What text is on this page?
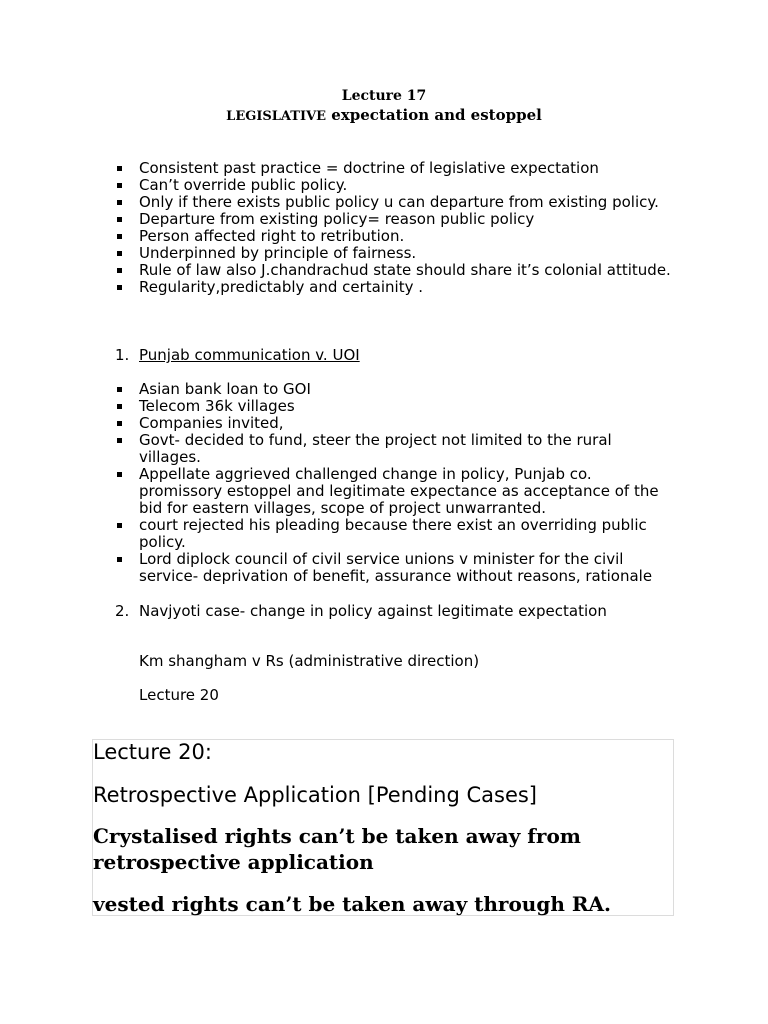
Lecture 17
LEGISLATIVE expectation and estoppel
Consistent past practice = doctrine of legislative expectation
Can’t override public policy.
Only if there exists public policy u can departure from existing policy.
Departure from existing policy= reason public policy
Person affected right to retribution.
Underpinned by principle of fairness.
Rule of law also J.chandrachud state should share it’s colonial attitude.
Regularity,predictably and certainity .
1. Punjab communication v. UOI
Asian bank loan to GOI
Telecom 36k villages
Companies invited,
Govt- decided to fund, steer the project not limited to the rural villages.
Appellate aggrieved challenged change in policy, Punjab co. promissory estoppel and legitimate expectance as acceptance of the bid for eastern villages, scope of project unwarranted.
court rejected his pleading because there exist an overriding public policy.
Lord diplock council of civil service unions v minister for the civil service- deprivation of benefit, assurance without reasons, rationale
2. Navjyoti case- change in policy against legitimate expectation

Km shangham v Rs (administrative direction)

Lecture 20

Lecture 20:

Retrospective Application [Pending Cases]

Crystalised rights can’t be taken away from retrospective application

vested rights can’t be taken away through RA.
